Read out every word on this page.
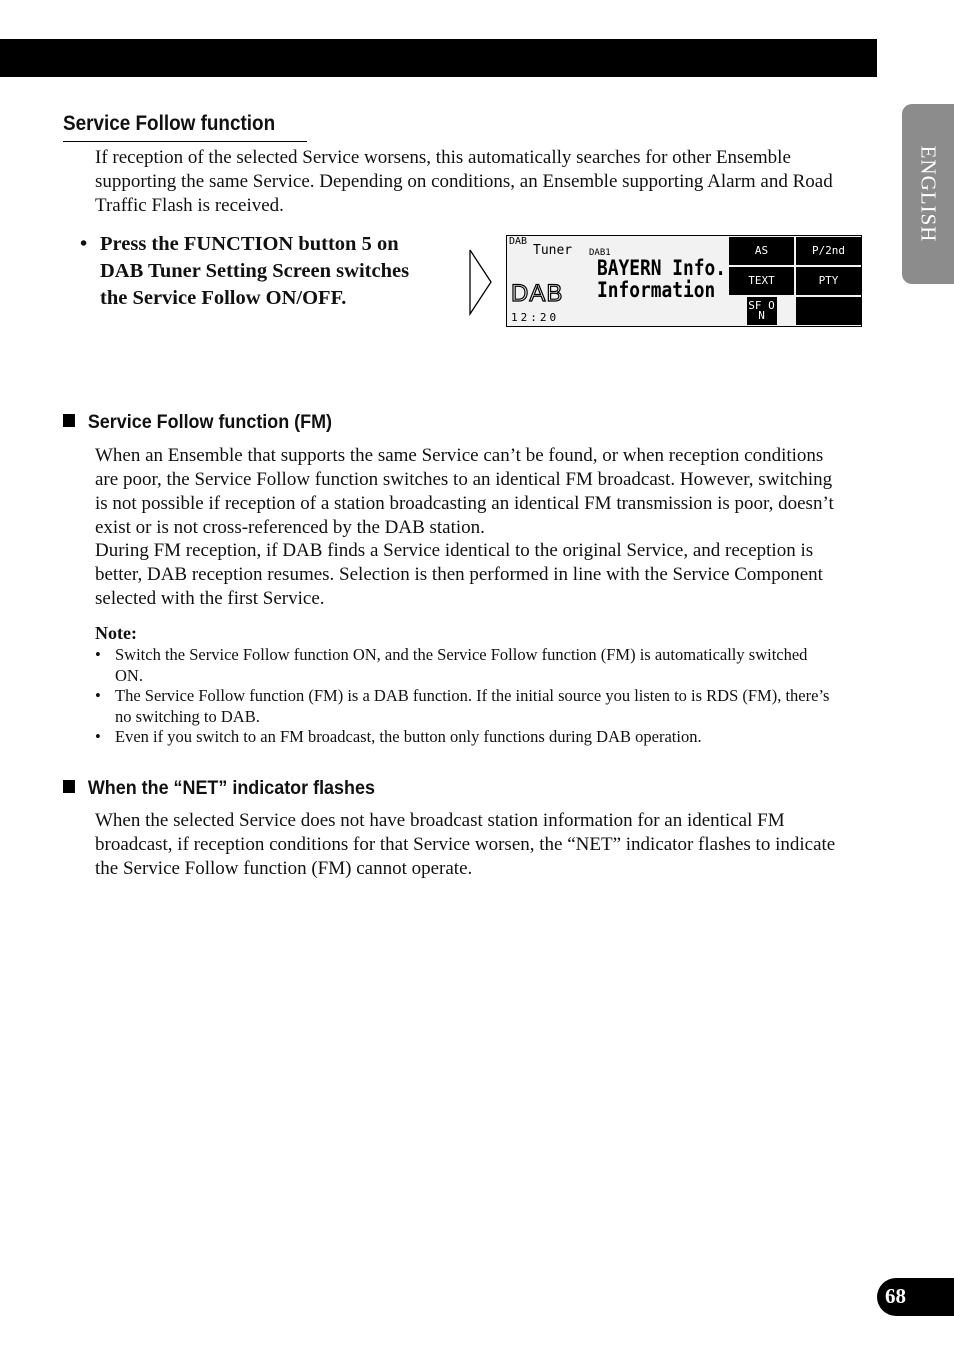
ENGLISH
Service Follow function

If reception of the selected Service worsens, this automatically searches for other Ensemble supporting the same Service. Depending on conditions, an Ensemble supporting Alarm and Road Traffic Flash is received.

• Press the FUNCTION button 5 on DAB Tuner Setting Screen switches the Service Follow ON/OFF.
DAB
Tuner DAB1
BAYERN Info.
Information
DAB
12:20
AS	P/2nd
TEXT	PTY
SF ON
Service Follow function (FM)

When an Ensemble that supports the same Service can’t be found, or when reception conditions are poor, the Service Follow function switches to an identical FM broadcast. However, switching is not possible if reception of a station broadcasting an identical FM transmission is poor, doesn’t exist or is not cross-referenced by the DAB station.

During FM reception, if DAB finds a Service identical to the original Service, and reception is better, DAB reception resumes. Selection is then performed in line with the Service Component selected with the first Service.

Note:
• Switch the Service Follow function ON, and the Service Follow function (FM) is automatically switched ON.
• The Service Follow function (FM) is a DAB function. If the initial source you listen to is RDS (FM), there’s no switching to DAB.
• Even if you switch to an FM broadcast, the button only functions during DAB operation.
When the “NET” indicator flashes

When the selected Service does not have broadcast station information for an identical FM broadcast, if reception conditions for that Service worsen, the “NET” indicator flashes to indicate the Service Follow function (FM) cannot operate.

68
